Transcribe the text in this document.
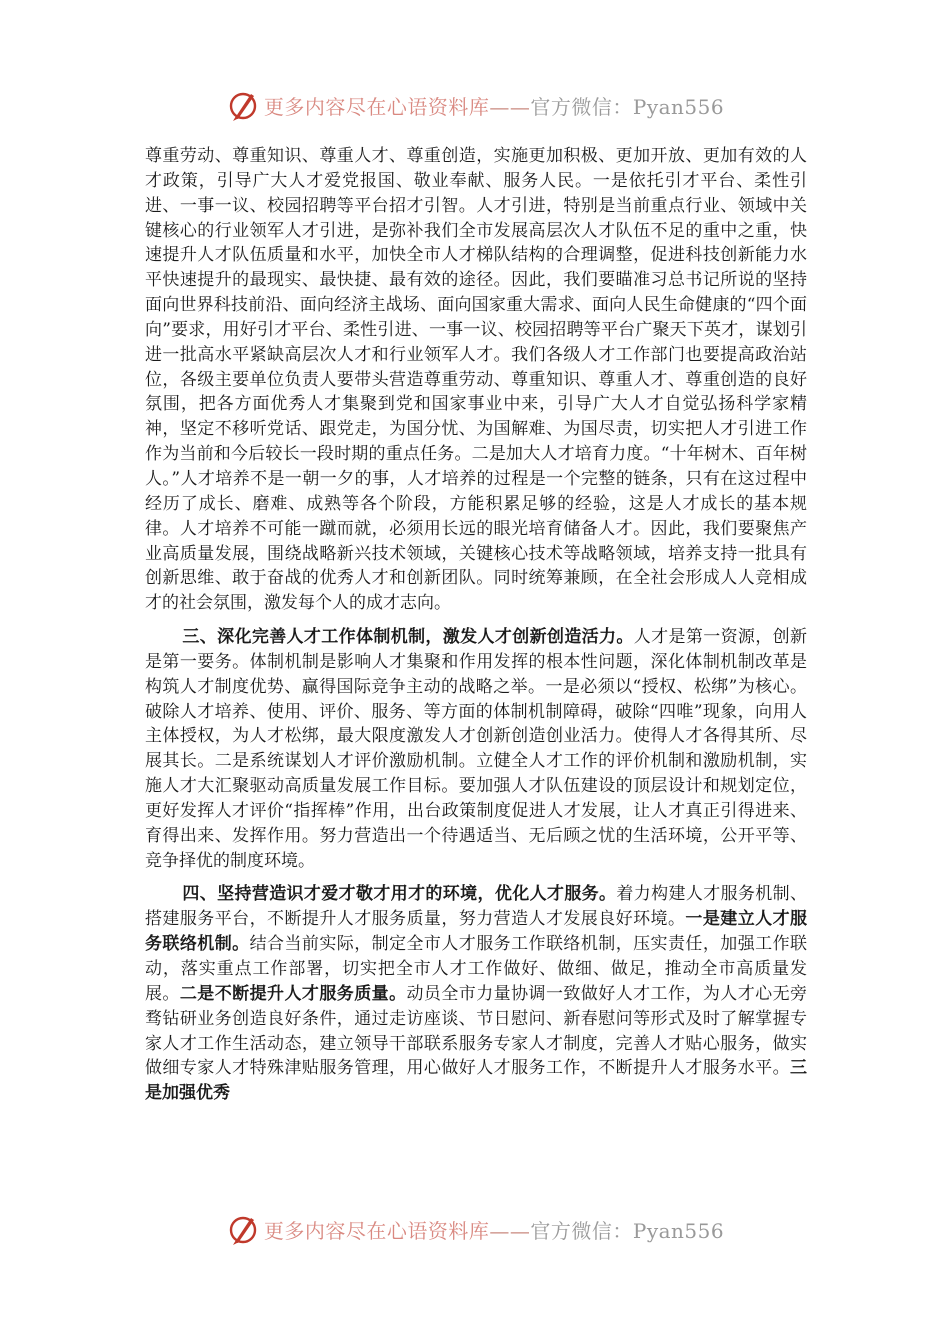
更多内容尽在心语资料库——官方微信：Pyan556

尊重劳动、尊重知识、尊重人才、尊重创造，实施更加积极、更加开放、更加有效的人才政策，引导广大人才爱党报国、敬业奉献、服务人民。一是依托引才平台、柔性引进、一事一议、校园招聘等平台招才引智。人才引进，特别是当前重点行业、领域中关键核心的行业领军人才引进，是弥补我们全市发展高层次人才队伍不足的重中之重，快速提升人才队伍质量和水平，加快全市人才梯队结构的合理调整，促进科技创新能力水平快速提升的最现实、最快捷、最有效的途径。因此，我们要瞄准习总书记所说的坚持面向世界科技前沿、面向经济主战场、面向国家重大需求、面向人民生命健康的“四个面向”要求，用好引才平台、柔性引进、一事一议、校园招聘等平台广聚天下英才，谋划引进一批高水平紧缺高层次人才和行业领军人才。我们各级人才工作部门也要提高政治站位，各级主要单位负责人要带头营造尊重劳动、尊重知识、尊重人才、尊重创造的良好氛围，把各方面优秀人才集聚到党和国家事业中来，引导广大人才自觉弘扬科学家精神，坚定不移听党话、跟党走，为国分忧、为国解难、为国尽责，切实把人才引进工作作为当前和今后较长一段时期的重点任务。二是加大人才培育力度。“十年树木、百年树人。”人才培养不是一朝一夕的事，人才培养的过程是一个完整的链条，只有在这过程中经历了成长、磨难、成熟等各个阶段，方能积累足够的经验，这是人才成长的基本规律。人才培养不可能一蹴而就，必须用长远的眼光培育储备人才。因此，我们要聚焦产业高质量发展，围绕战略新兴技术领域，关键核心技术等战略领域，培养支持一批具有创新思维、敢于奋战的优秀人才和创新团队。同时统筹兼顾，在全社会形成人人竞相成才的社会氛围，激发每个人的成才志向。

三、深化完善人才工作体制机制，激发人才创新创造活力。人才是第一资源，创新是第一要务。体制机制是影响人才集聚和作用发挥的根本性问题，深化体制机制改革是构筑人才制度优势、赢得国际竞争主动的战略之举。一是必须以“授权、松绑”为核心。破除人才培养、使用、评价、服务、等方面的体制机制障碍，破除“四唯”现象，向用人主体授权，为人才松绑，最大限度激发人才创新创造创业活力。使得人才各得其所、尽展其长。二是系统谋划人才评价激励机制。立健全人才工作的评价机制和激励机制，实施人才大汇聚驱动高质量发展工作目标。要加强人才队伍建设的顶层设计和规划定位，更好发挥人才评价“指挥棒”作用，出台政策制度促进人才发展，让人才真正引得进来、育得出来、发挥作用。努力营造出一个待遇适当、无后顾之忧的生活环境，公开平等、竞争择优的制度环境。

四、坚持营造识才爱才敬才用才的环境，优化人才服务。着力构建人才服务机制、搭建服务平台，不断提升人才服务质量，努力营造人才发展良好环境。一是建立人才服务联络机制。结合当前实际，制定全市人才服务工作联络机制，压实责任，加强工作联动，落实重点工作部署，切实把全市人才工作做好、做细、做足，推动全市高质量发展。二是不断提升人才服务质量。动员全市力量协调一致做好人才工作，为人才心无旁骛钻研业务创造良好条件，通过走访座谈、节日慰问、新春慰问等形式及时了解掌握专家人才工作生活动态，建立领导干部联系服务专家人才制度，完善人才贴心服务，做实做细专家人才特殊津贴服务管理，用心做好人才服务工作，不断提升人才服务水平。三是加强优秀

更多内容尽在心语资料库——官方微信：Pyan556
